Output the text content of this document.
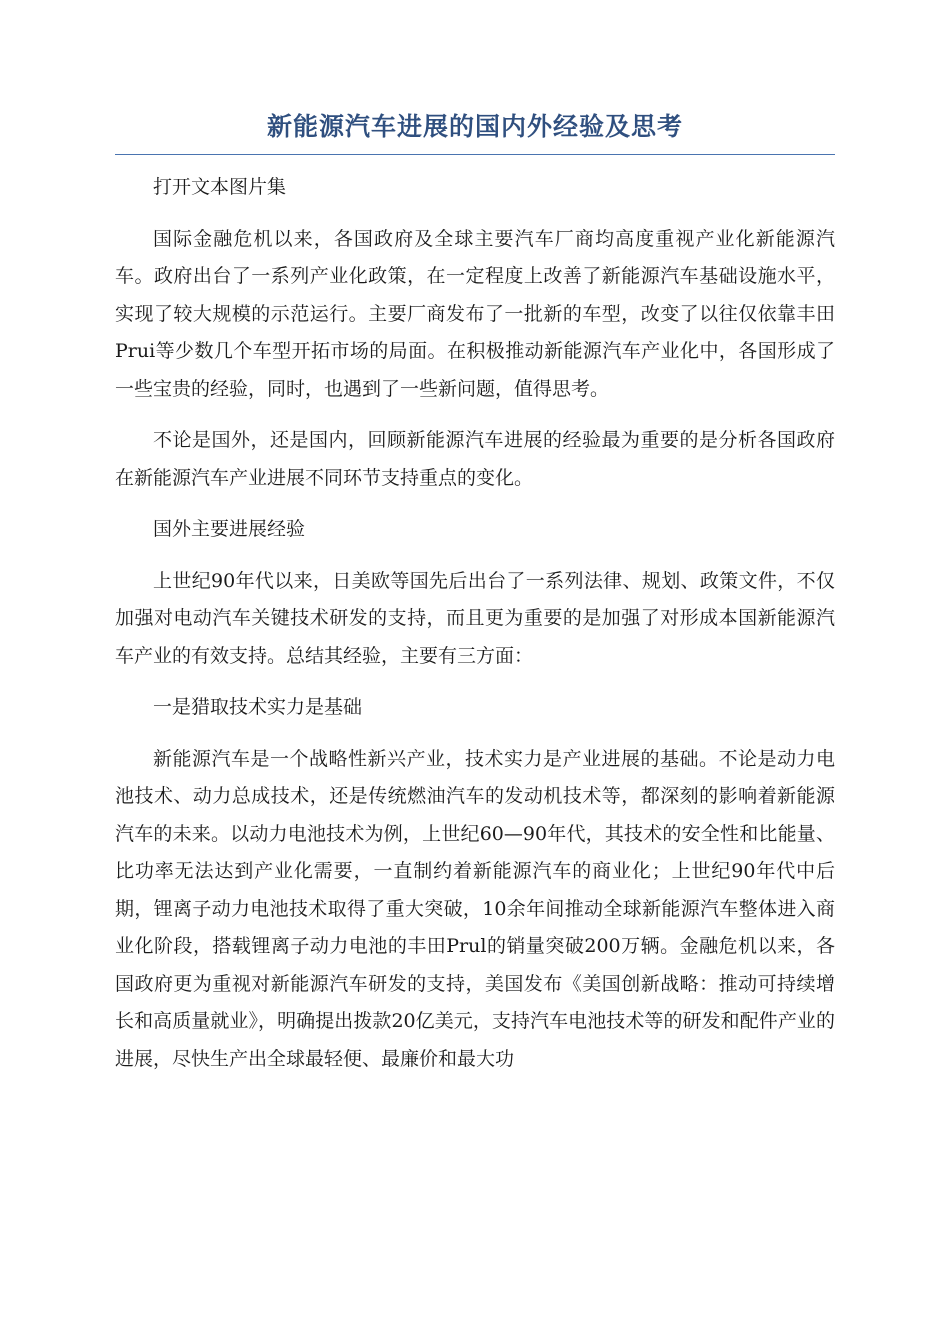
新能源汽车进展的国内外经验及思考

打开文本图片集

国际金融危机以来，各国政府及全球主要汽车厂商均高度重视产业化新能源汽车。政府出台了一系列产业化政策，在一定程度上改善了新能源汽车基础设施水平，实现了较大规模的示范运行。主要厂商发布了一批新的车型，改变了以往仅依靠丰田Prui等少数几个车型开拓市场的局面。在积极推动新能源汽车产业化中，各国形成了一些宝贵的经验，同时，也遇到了一些新问题，值得思考。

不论是国外，还是国内，回顾新能源汽车进展的经验最为重要的是分析各国政府在新能源汽车产业进展不同环节支持重点的变化。

国外主要进展经验

上世纪90年代以来，日美欧等国先后出台了一系列法律、规划、政策文件，不仅加强对电动汽车关键技术研发的支持，而且更为重要的是加强了对形成本国新能源汽车产业的有效支持。总结其经验，主要有三方面：

一是猎取技术实力是基础

新能源汽车是一个战略性新兴产业，技术实力是产业进展的基础。不论是动力电池技术、动力总成技术，还是传统燃油汽车的发动机技术等，都深刻的影响着新能源汽车的未来。以动力电池技术为例，上世纪60—90年代，其技术的安全性和比能量、比功率无法达到产业化需要，一直制约着新能源汽车的商业化；上世纪90年代中后期，锂离子动力电池技术取得了重大突破，10余年间推动全球新能源汽车整体进入商业化阶段，搭载锂离子动力电池的丰田Prul的销量突破200万辆。金融危机以来，各国政府更为重视对新能源汽车研发的支持，美国发布《美国创新战略：推动可持续增长和高质量就业》，明确提出拨款20亿美元，支持汽车电池技术等的研发和配件产业的进展，尽快生产出全球最轻便、最廉价和最大功
